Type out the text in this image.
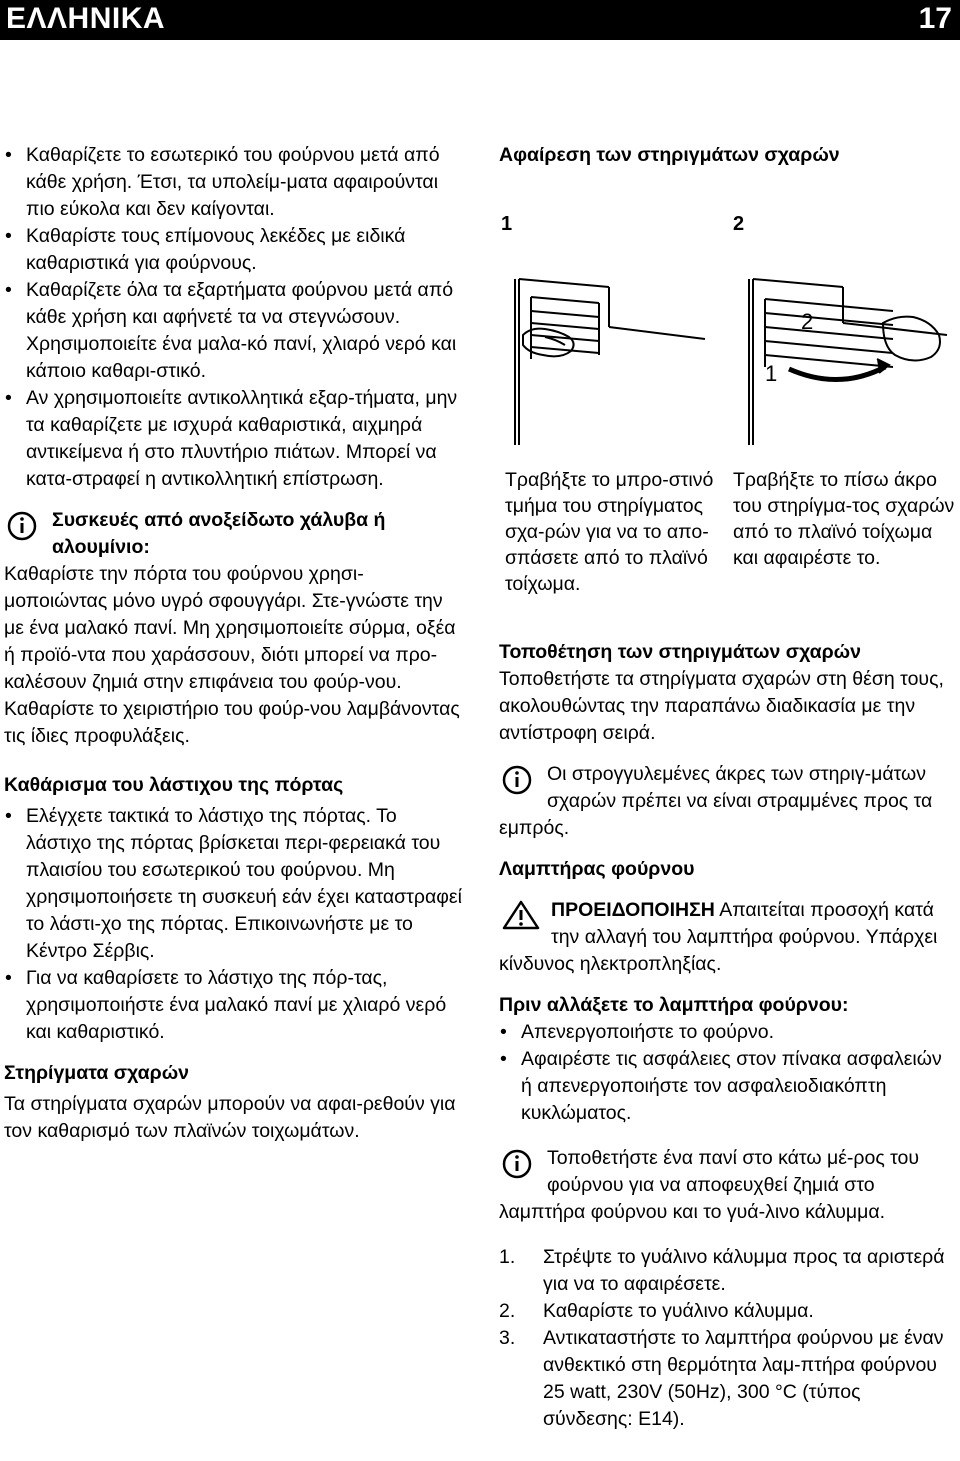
ΕΛΛΗΝΙΚΑ	17
• Καθαρίζετε το εσωτερικό του φούρνου μετά από κάθε χρήση. Έτσι, τα υπολείμ-ματα αφαιρούνται πιο εύκολα και δεν καίγονται.
• Καθαρίστε τους επίμονους λεκέδες με ειδικά καθαριστικά για φούρνους.
• Καθαρίζετε όλα τα εξαρτήματα φούρνου μετά από κάθε χρήση και αφήνετέ τα να στεγνώσουν. Χρησιμοποιείτε ένα μαλα-κό πανί, χλιαρό νερό και κάποιο καθαρι-στικό.
• Αν χρησιμοποιείτε αντικολλητικά εξαρ-τήματα, μην τα καθαρίζετε με ισχυρά καθαριστικά, αιχμηρά αντικείμενα ή στο πλυντήριο πιάτων. Μπορεί να κατα-στραφεί η αντικολλητική επίστρωση.

Συσκευές από ανοξείδωτο χάλυβα ή αλουμίνιο:

Καθαρίστε την πόρτα του φούρνου χρησι-μοποιώντας μόνο υγρό σφουγγάρι. Στε-γνώστε την με ένα μαλακό πανί. Μη χρησιμοποιείτε σύρμα, οξέα ή προϊό-ντα που χαράσσουν, διότι μπορεί να προ-καλέσουν ζημιά στην επιφάνεια του φούρ-νου. Καθαρίστε το χειριστήριο του φούρ-νου λαμβάνοντας τις ίδιες προφυλάξεις.

Καθάρισμα του λάστιχου της πόρτας

• Ελέγχετε τακτικά το λάστιχο της πόρτας. Το λάστιχο της πόρτας βρίσκεται περι-φερειακά του πλαισίου του εσωτερικού του φούρνου. Μη χρησιμοποιήσετε τη συσκευή εάν έχει καταστραφεί το λάστι-χο της πόρτας. Επικοινωνήστε με το Κέντρο Σέρβις.
• Για να καθαρίσετε το λάστιχο της πόρ-τας, χρησιμοποιήστε ένα μαλακό πανί με χλιαρό νερό και καθαριστικό.

Στηρίγματα σχαρών

Τα στηρίγματα σχαρών μπορούν να αφαι-ρεθούν για τον καθαρισμό των πλαϊνών τοιχωμάτων.

Αφαίρεση των στηριγμάτων σχαρών

1	2
2
1

Τραβήξτε το μπρο-στινό τμήμα του στηρίγματος σχα-ρών για να το απο-σπάσετε από το πλαϊνό τοίχωμα.

Τραβήξτε το πίσω άκρο του στηρίγμα-τος σχαρών από το πλαϊνό τοίχωμα και αφαιρέστε το.

Τοποθέτηση των στηριγμάτων σχαρών

Τοποθετήστε τα στηρίγματα σχαρών στη θέση τους, ακολουθώντας την παραπάνω διαδικασία με την αντίστροφη σειρά.

Οι στρογγυλεμένες άκρες των στηριγ-μάτων σχαρών πρέπει να είναι στραμμένες προς τα εμπρός.

Λαμπτήρας φούρνου

ΠΡΟΕΙΔΟΠΟΙΗΣΗ Απαιτείται προσοχή κατά την αλλαγή του λαμπτήρα φούρνου. Υπάρχει κίνδυνος ηλεκτροπληξίας.

Πριν αλλάξετε το λαμπτήρα φούρνου:

• Απενεργοποιήστε το φούρνο.
• Αφαιρέστε τις ασφάλειες στον πίνακα ασφαλειών ή απενεργοποιήστε τον ασφαλειοδιακόπτη κυκλώματος.

Τοποθετήστε ένα πανί στο κάτω μέ-ρος του φούρνου για να αποφευχθεί ζημιά στο λαμπτήρα φούρνου και το γυά-λινο κάλυμμα.

1. Στρέψτε το γυάλινο κάλυμμα προς τα αριστερά για να το αφαιρέσετε.
2. Καθαρίστε το γυάλινο κάλυμμα.
3. Αντικαταστήστε το λαμπτήρα φούρνου με έναν ανθεκτικό στη θερμότητα λαμ-πτήρα φούρνου 25 watt, 230V (50Hz), 300 °C (τύπος σύνδεσης: E14).
